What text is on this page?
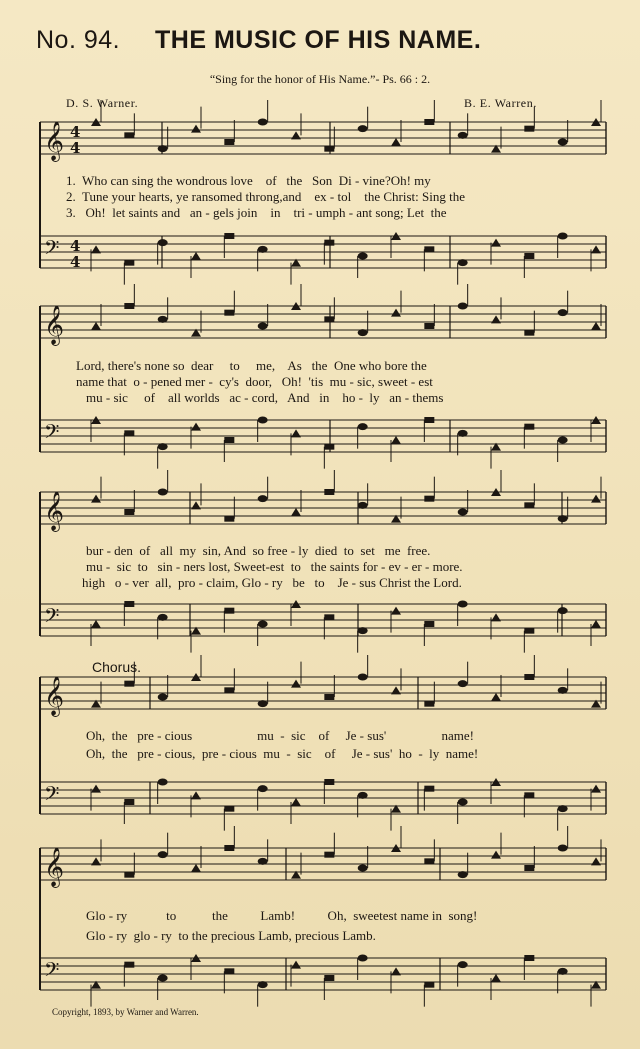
No. 94. THE MUSIC OF HIS NAME.
“Sing for the honor of His Name.”- Ps. 66 : 2.
D. S. Warner.	B. E. Warren.
𝄞 4
4
𝄢 4
4
𝄞
𝄢
𝄞
𝄢
𝄞
𝄢
𝄞
𝄢
1.  Who can sing the wondrous love    of   the   Son  Di - vine?Oh! my
2.  Tune your hearts, ye ransomed throng,and    ex - tol    the Christ: Sing the
3.   Oh!  let saints and   an - gels join    in    tri - umph - ant song; Let  the
Lord, there's none so  dear     to     me,    As   the  One who bore the
name that  o - pened mer -  cy's  door,   Oh!  'tis  mu - sic, sweet - est
mu - sic     of    all worlds   ac - cord,   And   in    ho -  ly   an - thems
bur - den  of   all  my  sin, And  so free - ly  died  to  set   me  free.
mu -  sic  to   sin - ners lost, Sweet-est  to   the saints for - ev - er - more.
high   o - ver  all,  pro - claim, Glo - ry   be   to    Je - sus Christ the Lord.
Chorus.
Oh,  the   pre - cious                    mu  -  sic    of     Je - sus'                 name!
Oh,  the   pre - cious,  pre - cious  mu  -  sic    of     Je - sus'  ho  -  ly  name!
Glo - ry            to           the          Lamb!          Oh,  sweetest name in  song!
Glo - ry  glo - ry  to the precious Lamb, precious Lamb.
Copyright, 1893, by Warner and Warren.
